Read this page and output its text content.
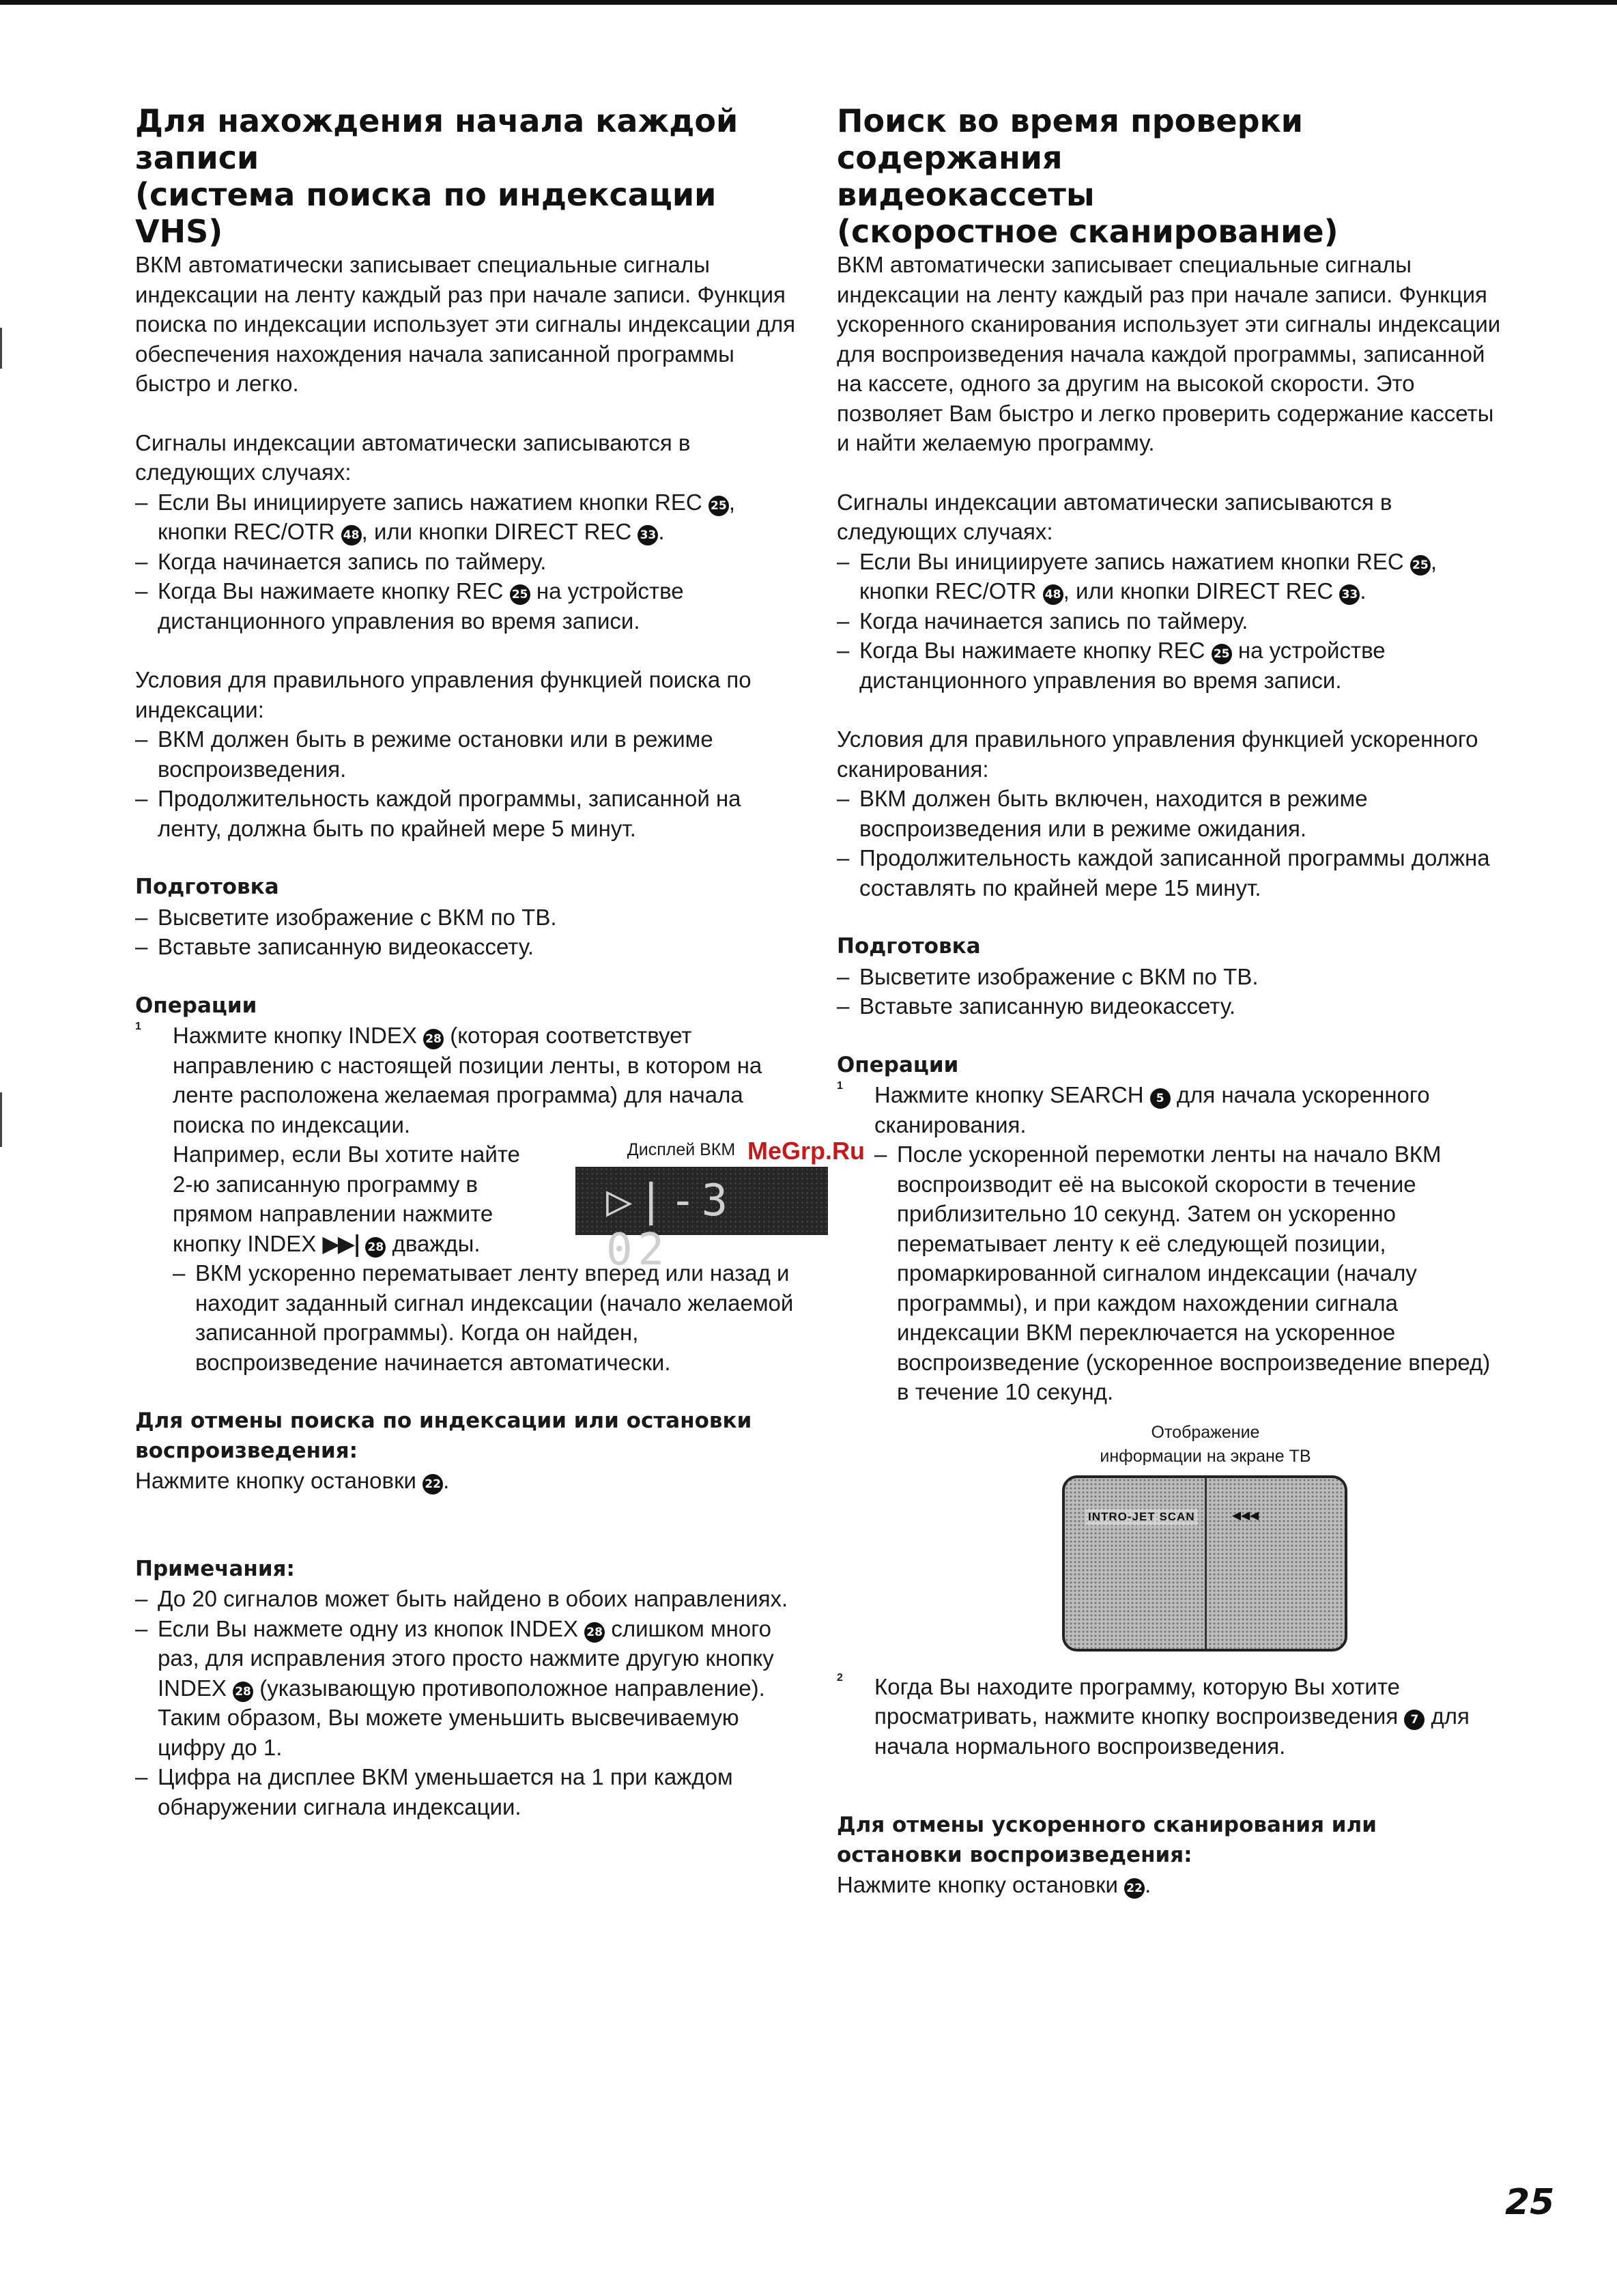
Для нахождения начала каждой записи
(система поиска по индексации VHS)

ВКМ автоматически записывает специальные сигналы индексации на ленту каждый раз при начале записи. Функция поиска по индексации использует эти сигналы индексации для обеспечения нахождения начала записанной программы быстро и легко.

Сигналы индексации автоматически записываются в следующих случаях:

– Если Вы инициируете запись нажатием кнопки REC 25, кнопки REC/OTR 48, или кнопки DIRECT REC 33.
– Когда начинается запись по таймеру.
– Когда Вы нажимаете кнопку REC 25 на устройстве дистанционного управления во время записи.

Условия для правильного управления функцией поиска по индексации:

– ВКМ должен быть в режиме остановки или в режиме воспроизведения.
– Продолжительность каждой программы, записанной на ленту, должна быть по крайней мере 5 минут.
Подготовка
– Высветите изображение с ВКМ по ТВ.
– Вставьте записанную видеокассету.
Операции
1 Нажмите кнопку INDEX 28 (которая соответствует направлению с настоящей позиции ленты, в котором на ленте расположена желаемая программа) для начала поиска по индексации.

Например, если Вы хотите найте 2-ю записанную программу в прямом направлении нажмите кнопку INDEX ▶▶| 28 дважды.

Дисплей ВКМ
▷|-3 02
– ВКМ ускоренно перематывает ленту вперед или назад и находит заданный сигнал индексации (начало желаемой записанной программы). Когда он найден, воспроизведение начинается автоматически.
Для отмены поиска по индексации или остановки воспроизведения:

Нажмите кнопку остановки 22.

Примечания:
– До 20 сигналов может быть найдено в обоих направлениях.
– Если Вы нажмете одну из кнопок INDEX 28 слишком много раз, для исправления этого просто нажмите другую кнопку INDEX 28 (указывающую противоположное направление). Таким образом, Вы можете уменьшить высвечиваемую цифру до 1.
– Цифра на дисплее ВКМ уменьшается на 1 при каждом обнаружении сигнала индексации.
Поиск во время проверки содержания
видеокассеты
(скоростное сканирование)

ВКМ автоматически записывает специальные сигналы индексации на ленту каждый раз при начале записи. Функция ускоренного сканирования использует эти сигналы индексации для воспроизведения начала каждой программы, записанной на кассете, одного за другим на высокой скорости. Это позволяет Вам быстро и легко проверить содержание кассеты и найти желаемую программу.

Сигналы индексации автоматически записываются в следующих случаях:

– Если Вы инициируете запись нажатием кнопки REC 25, кнопки REC/OTR 48, или кнопки DIRECT REC 33.
– Когда начинается запись по таймеру.
– Когда Вы нажимаете кнопку REC 25 на устройстве дистанционного управления во время записи.

Условия для правильного управления функцией ускоренного сканирования:

– ВКМ должен быть включен, находится в режиме воспроизведения или в режиме ожидания.
– Продолжительность каждой записанной программы должна составлять по крайней мере 15 минут.
Подготовка
– Высветите изображение с ВКМ по ТВ.
– Вставьте записанную видеокассету.
Операции
1 Нажмите кнопку SEARCH 5 для начала ускоренного сканирования.

– После ускоренной перемотки ленты на начало ВКМ воспроизводит её на высокой скорости в течение приблизительно 10 секунд. Затем он ускоренно перематывает ленту к её следующей позиции, промаркированной сигналом индексации (началу программы), и при каждом нахождении сигнала индексации ВКМ переключается на ускоренное воспроизведение (ускоренное воспроизведение вперед) в течение 10 секунд.
Отображение
информации на экране ТВ
INTRO-JET SCAN	◀◀◀
2 Когда Вы находите программу, которую Вы хотите просматривать, нажмите кнопку воспроизведения 7 для начала нормального воспроизведения.

Для отмены ускоренного сканирования или остановки воспроизведения:

Нажмите кнопку остановки 22.

MeGrp.Ru
25
